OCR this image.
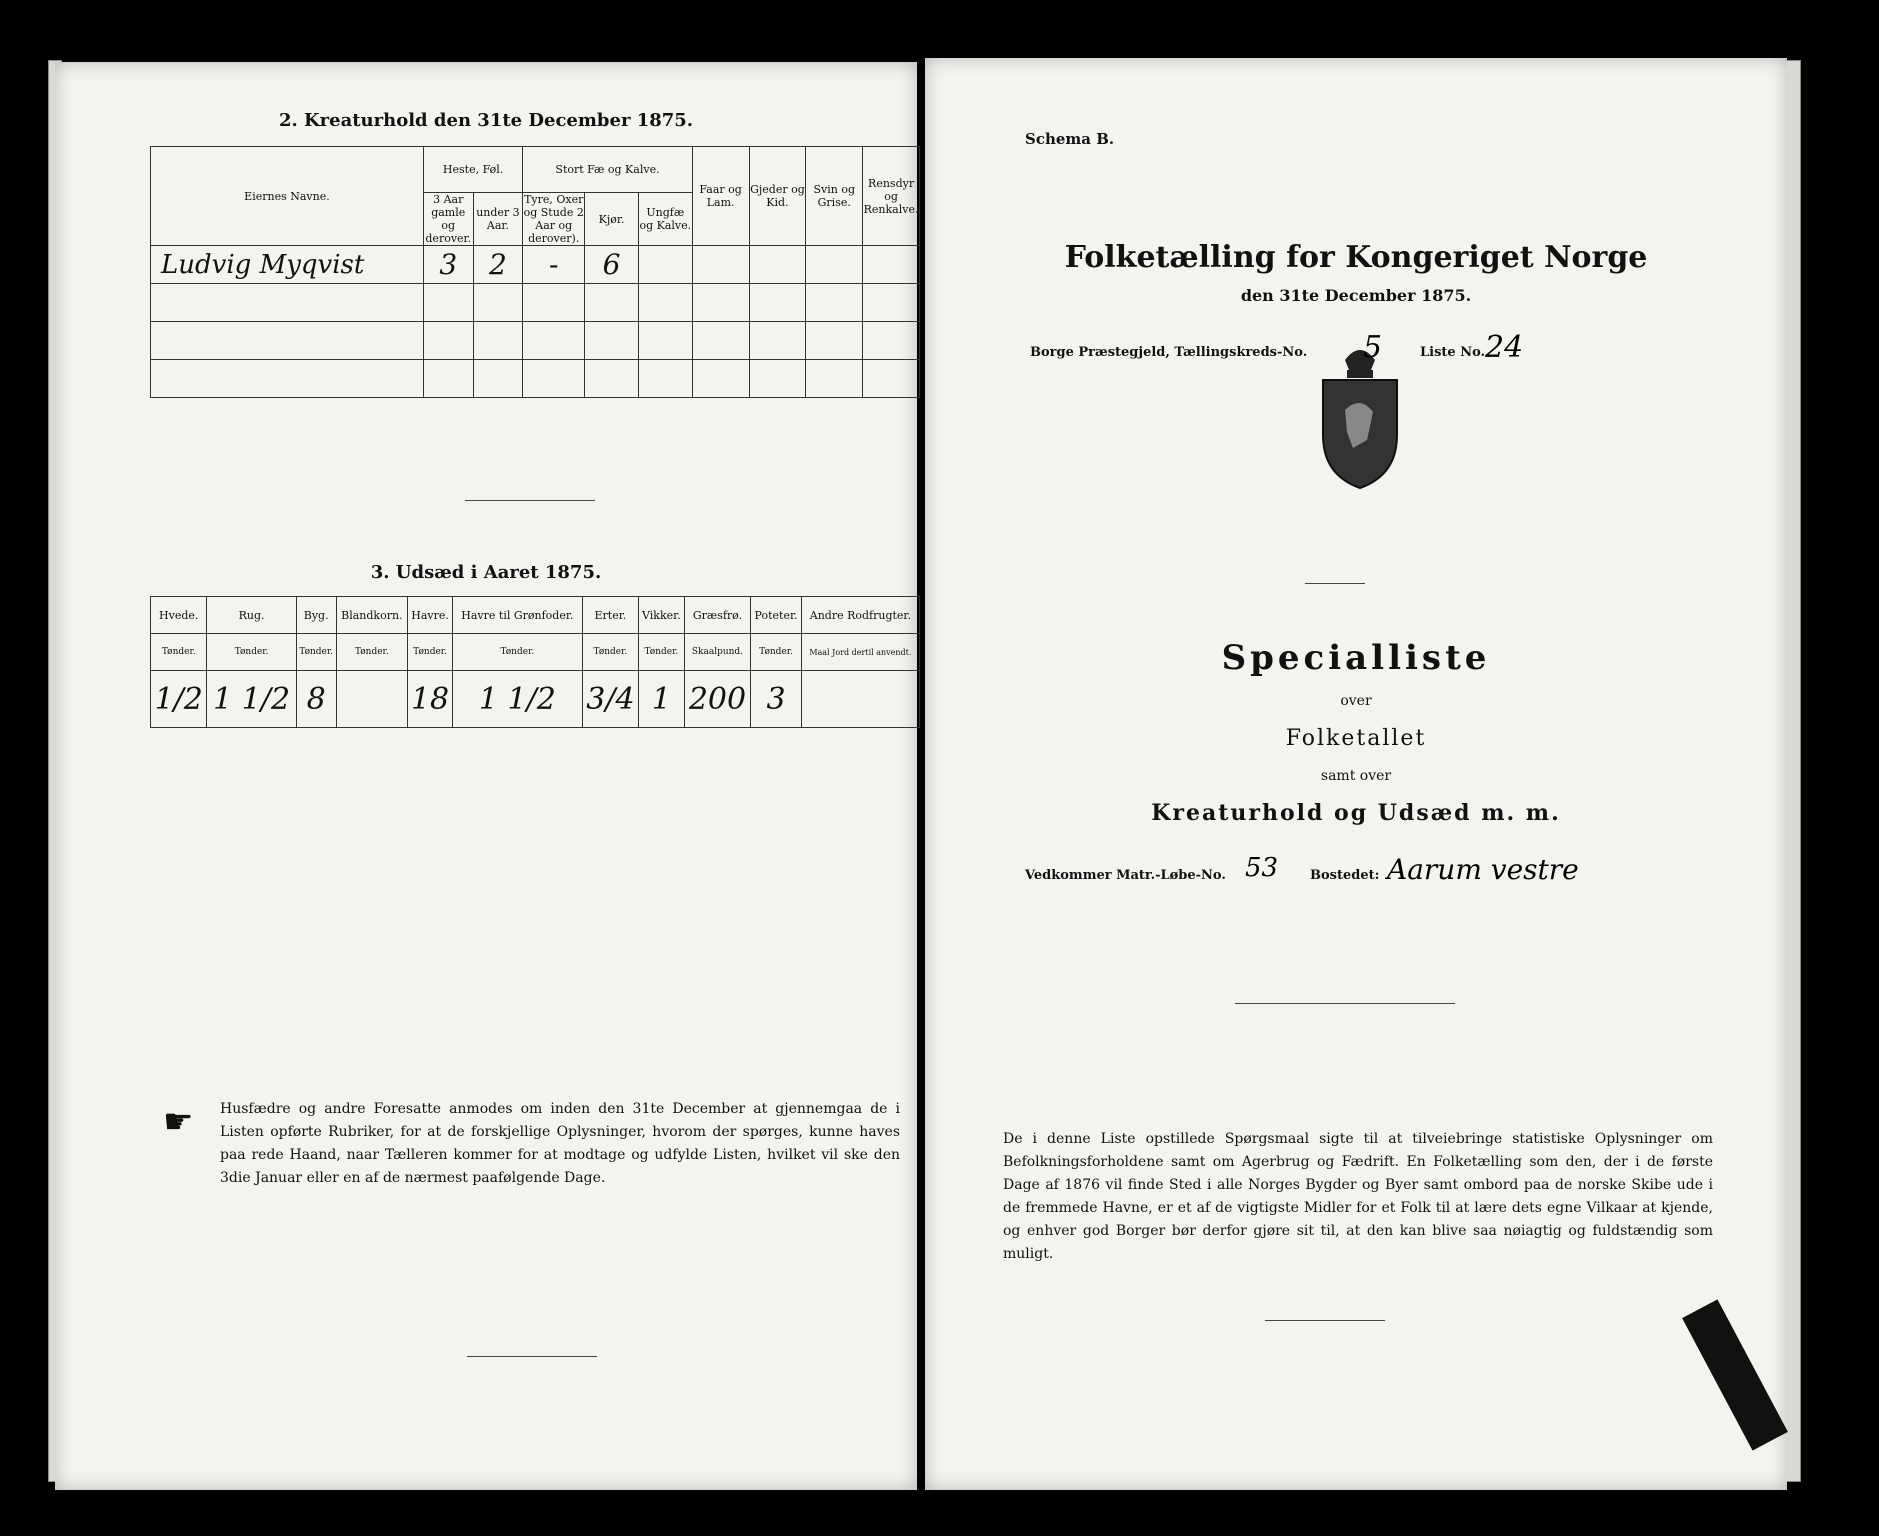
2. Kreaturhold den 31te December 1875.
Eiernes Navne.	Heste, Føl.		Stort Fæ og Kalve.			Faar og Lam.	Gjeder og Kid.	Svin og Grise.	Rensdyr og Renkalve.
	3 Aar gamle og derover.	under 3 Aar.	Tyre, Oxer og Stude 2 Aar og derover).	Kjør.	Ungfæ og Kalve.				
Ludvig Myqvist	3	2	-	6					

3. Udsæd i Aaret 1875.
Hvede.	Rug.	Byg.	Blandkorn.	Havre.	Havre til Grønfoder.	Erter.	Vikker.	Græsfrø.	Poteter.	Andre Rodfrugter.
Tønder.	Tønder.	Tønder.	Tønder.	Tønder.	Tønder.	Tønder.	Tønder.	Skaalpund.	Tønder.	Maal Jord dertil anvendt.
1/2	1 1/2	8		18	1 1/2	3/4	1	200	3	
☛ Husfædre og andre Foresatte anmodes om inden den 31te December at gjennemgaa de i Listen opførte Rubriker, for at de forskjellige Oplysninger, hvorom der spørges, kunne haves paa rede Haand, naar Tælleren kommer for at modtage og udfylde Listen, hvilket vil ske den 3die Januar eller en af de nærmest paafølgende Dage.
Schema B.
Folketælling for Kongeriget Norge
den 31te December 1875.
Borge Præstegjeld, Tællingskreds-No. 5	Liste No. 24
Specialliste
over
Folketallet
samt over
Kreaturhold og Udsæd m. m.
Vedkommer Matr.-Løbe-No. 53 Bostedet: Aarum vestre
De i denne Liste opstillede Spørgsmaal sigte til at tilveiebringe statistiske Oplysninger om Befolkningsforholdene samt om Agerbrug og Fædrift. En Folketælling som den, der i de første Dage af 1876 vil finde Sted i alle Norges Bygder og Byer samt ombord paa de norske Skibe ude i de fremmede Havne, er et af de vigtigste Midler for et Folk til at lære dets egne Vilkaar at kjende, og enhver god Borger bør derfor gjøre sit til, at den kan blive saa nøiagtig og fuldstændig som muligt.
